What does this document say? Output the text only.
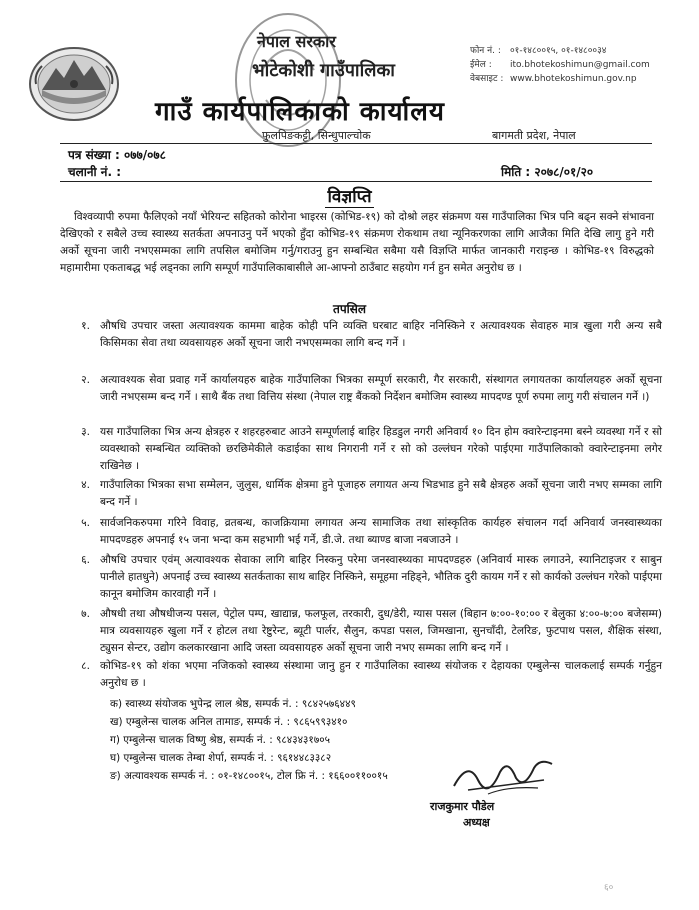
नेपाल सरकार
भोटेकोशी गाउँपालिका
गाउँ कार्यपालिकाको कार्यालय
फुलपिङकट्टी, सिन्धुपाल्चोक	बागमती प्रदेश, नेपाल
फोन नं. :	०१-१४८००१५, ०१-१४८००३४
ईमेल :	ito.bhotekoshimun@gmail.com
वेबसाइट : www.bhotekoshimun.gov.np
पत्र संख्या : ०७७/०७८
चलानी नं. :	मिति : २०७८/०१/२०
विज्ञप्ति
विश्वव्यापी रुपमा फैलिएको नयाँ भेरियन्ट सहितको कोरोना भाइरस (कोभिड-१९) को दोश्रो लहर संक्रमण यस गाउँपालिका भित्र पनि बढ्न सक्ने संभावना देखिएको र सबैले उच्च स्वास्थ्य सतर्कता अपनाउनु पर्ने भएको हुँदा कोभिड-१९ संक्रमण रोकथाम तथा न्यूनिकरणका लागि आजैका मिति देखि लागु हुने गरी अर्को सूचना जारी नभएसम्मका लागि तपसिल बमोजिम गर्नु/गराउनु हुन सम्बन्धित सबैमा यसै विज्ञप्ति मार्फत जानकारी गराइन्छ । कोभिड-१९ विरुद्धको महामारीमा एकताबद्ध भई लड्नका लागि सम्पूर्ण गाउँपालिकाबासीले आ-आफ्नो ठाउँबाट सहयोग गर्न हुन समेत अनुरोध छ ।
तपसिल
१. औषधि उपचार जस्ता अत्यावश्यक काममा बाहेक कोही पनि व्यक्ति घरबाट बाहिर ननिस्किने र अत्यावश्यक सेवाहरु मात्र खुला गरी अन्य सबै किसिमका सेवा तथा व्यवसायहरु अर्को सूचना जारी नभएसम्मका लागि बन्द गर्ने ।
२. अत्यावश्यक सेवा प्रवाह गर्ने कार्यालयहरु बाहेक गाउँपालिका भित्रका सम्पूर्ण सरकारी, गैर सरकारी, संस्थागत लगायतका कार्यालयहरु अर्को सूचना जारी नभएसम्म बन्द गर्ने । साथै बैंक तथा वित्तिय संस्था (नेपाल राष्ट्र बैंकको निर्देशन बमोजिम स्वास्थ्य मापदण्ड पूर्ण रुपमा लागु गरी संचालन गर्ने ।)
३. यस गाउँपालिका भित्र अन्य क्षेत्रहरु र शहरहरुबाट आउने सम्पूर्णलाई बाहिर हिडडुल नगरी अनिवार्य १० दिन होम क्वारेन्टाइनमा बस्ने व्यवस्था गर्ने र सो व्यवस्थाको सम्बन्धित व्यक्तिको छरछिमेकीले कडाईका साथ निगरानी गर्ने र सो को उल्लंघन गरेको पाईएमा गाउँपालिकाको क्वारेन्टाइनमा लगेर राखिनेछ ।
४. गाउँपालिका भित्रका सभा सम्मेलन, जुलुस, धार्मिक क्षेत्रमा हुने पूजाहरु लगायत अन्य भिडभाड हुने सबै क्षेत्रहरु अर्को सूचना जारी नभए सम्मका लागि बन्द गर्ने ।
५. सार्वजनिकरुपमा गरिने विवाह, व्रतबन्ध, काजक्रियामा लगायत अन्य सामाजिक तथा सांस्कृतिक कार्यहरु संचालन गर्दा अनिवार्य जनस्वास्थ्यका मापदण्डहरु अपनाई १५ जना भन्दा कम सहभागी भई गर्ने, डी.जे. तथा ब्याण्ड बाजा नबजाउने ।
६. औषधि उपचार एवंम् अत्यावश्यक सेवाका लागि बाहिर निस्कनु परेमा जनस्वास्थ्यका मापदण्डहरु (अनिवार्य मास्क लगाउने, स्यानिटाइजर र साबुन पानीले हातधुने) अपनाई उच्च स्वास्थ्य सतर्कताका साथ बाहिर निस्किने, समूहमा नहिड्ने, भौतिक दुरी कायम गर्ने र सो कार्यको उल्लंघन गरेको पाईएमा कानून बमोजिम कारवाही गर्ने ।
७. औषधी तथा औषधीजन्य पसल, पेट्रोल पम्प, खाद्यान्न, फलफूल, तरकारी, दुध/डेरी, ग्यास पसल (बिहान ७:००-१०:०० र बेलुका ४:००-७:०० बजेसम्म) मात्र व्यवसायहरु खुला गर्ने र होटल तथा रेष्टुरेन्ट, ब्यूटी पार्लर, सैलुन, कपडा पसल, जिमखाना, सुनचाँदी, टेलरिङ, फुटपाथ पसल, शैक्षिक संस्था, ट्युसन सेन्टर, उद्योग कलकारखाना आदि जस्ता व्यवसायहरु अर्को सूचना जारी नभए सम्मका लागि बन्द गर्ने ।
८. कोभिड-१९ को शंका भएमा नजिकको स्वास्थ्य संस्थामा जानु हुन र गाउँपालिका स्वास्थ्य संयोजक र देहायका एम्बुलेन्स चालकलाई सम्पर्क गर्नुहुन अनुरोध छ ।
क) स्वास्थ्य संयोजक भुपेन्द्र लाल श्रेष्ठ, सम्पर्क नं. : ९८४२५७६४४९
ख) एम्बुलेन्स चालक अनिल तामाङ, सम्पर्क नं. : ९८६५९९३४१०
ग) एम्बुलेन्स चालक विष्णु श्रेष्ठ, सम्पर्क नं. : ९८४३४३१७०५
घ) एम्बुलेन्स चालक तेम्बा शेर्पा, सम्पर्क नं. : ९६१४४८३३८२
ङ) अत्यावश्यक सम्पर्क नं. : ०१-१४८००१५, टोल फ्रि नं. : १६६००११००१५
राजकुमार पौडेल
अध्यक्ष
६०
